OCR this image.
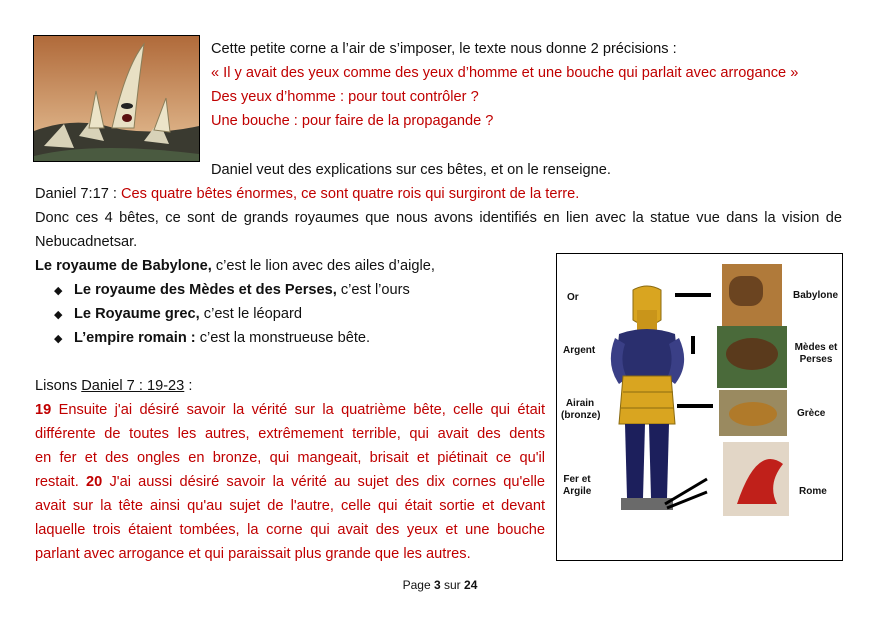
Cette petite corne a l’air de s’imposer, le texte nous donne 2 précisions :
« Il y avait des yeux comme des yeux d’homme et une bouche qui parlait avec arrogance »
Des yeux d’homme : pour tout contrôler ?
Une bouche : pour faire de la propagande ?
Daniel veut des explications sur ces bêtes, et on le renseigne.
Daniel 7:17 : Ces quatre bêtes énormes, ce sont quatre rois qui surgiront de la terre.
Donc ces 4 bêtes, ce sont de grands royaumes que nous avons identifiés en lien avec la statue vue dans la vision de
Nebucadnetsar.
Le royaume de Babylone, c’est le lion avec des ailes d’aigle,
◆ Le royaume des Mèdes et des Perses, c’est l’ours
◆ Le Royaume grec, c’est le léopard
◆ L’empire romain : c’est la monstrueuse bête.
Lisons Daniel 7 : 19-23 :
19 Ensuite j'ai désiré savoir la vérité sur la quatrième bête, celle qui était
différente de toutes les autres, extrêmement terrible, qui avait des dents
en fer et des ongles en bronze, qui mangeait, brisait et piétinait ce qu'il
restait. 20 J'ai aussi désiré savoir la vérité au sujet des dix cornes qu'elle
avait sur la tête ainsi qu'au sujet de l'autre, celle qui était sortie et devant
laquelle trois étaient tombées, la corne qui avait des yeux et une bouche
parlant avec arrogance et qui paraissait plus grande que les autres.
Or
Argent
Airain (bronze)
Fer et Argile
Babylone
Mèdes et Perses
Grèce
Rome
Page 3 sur 24
